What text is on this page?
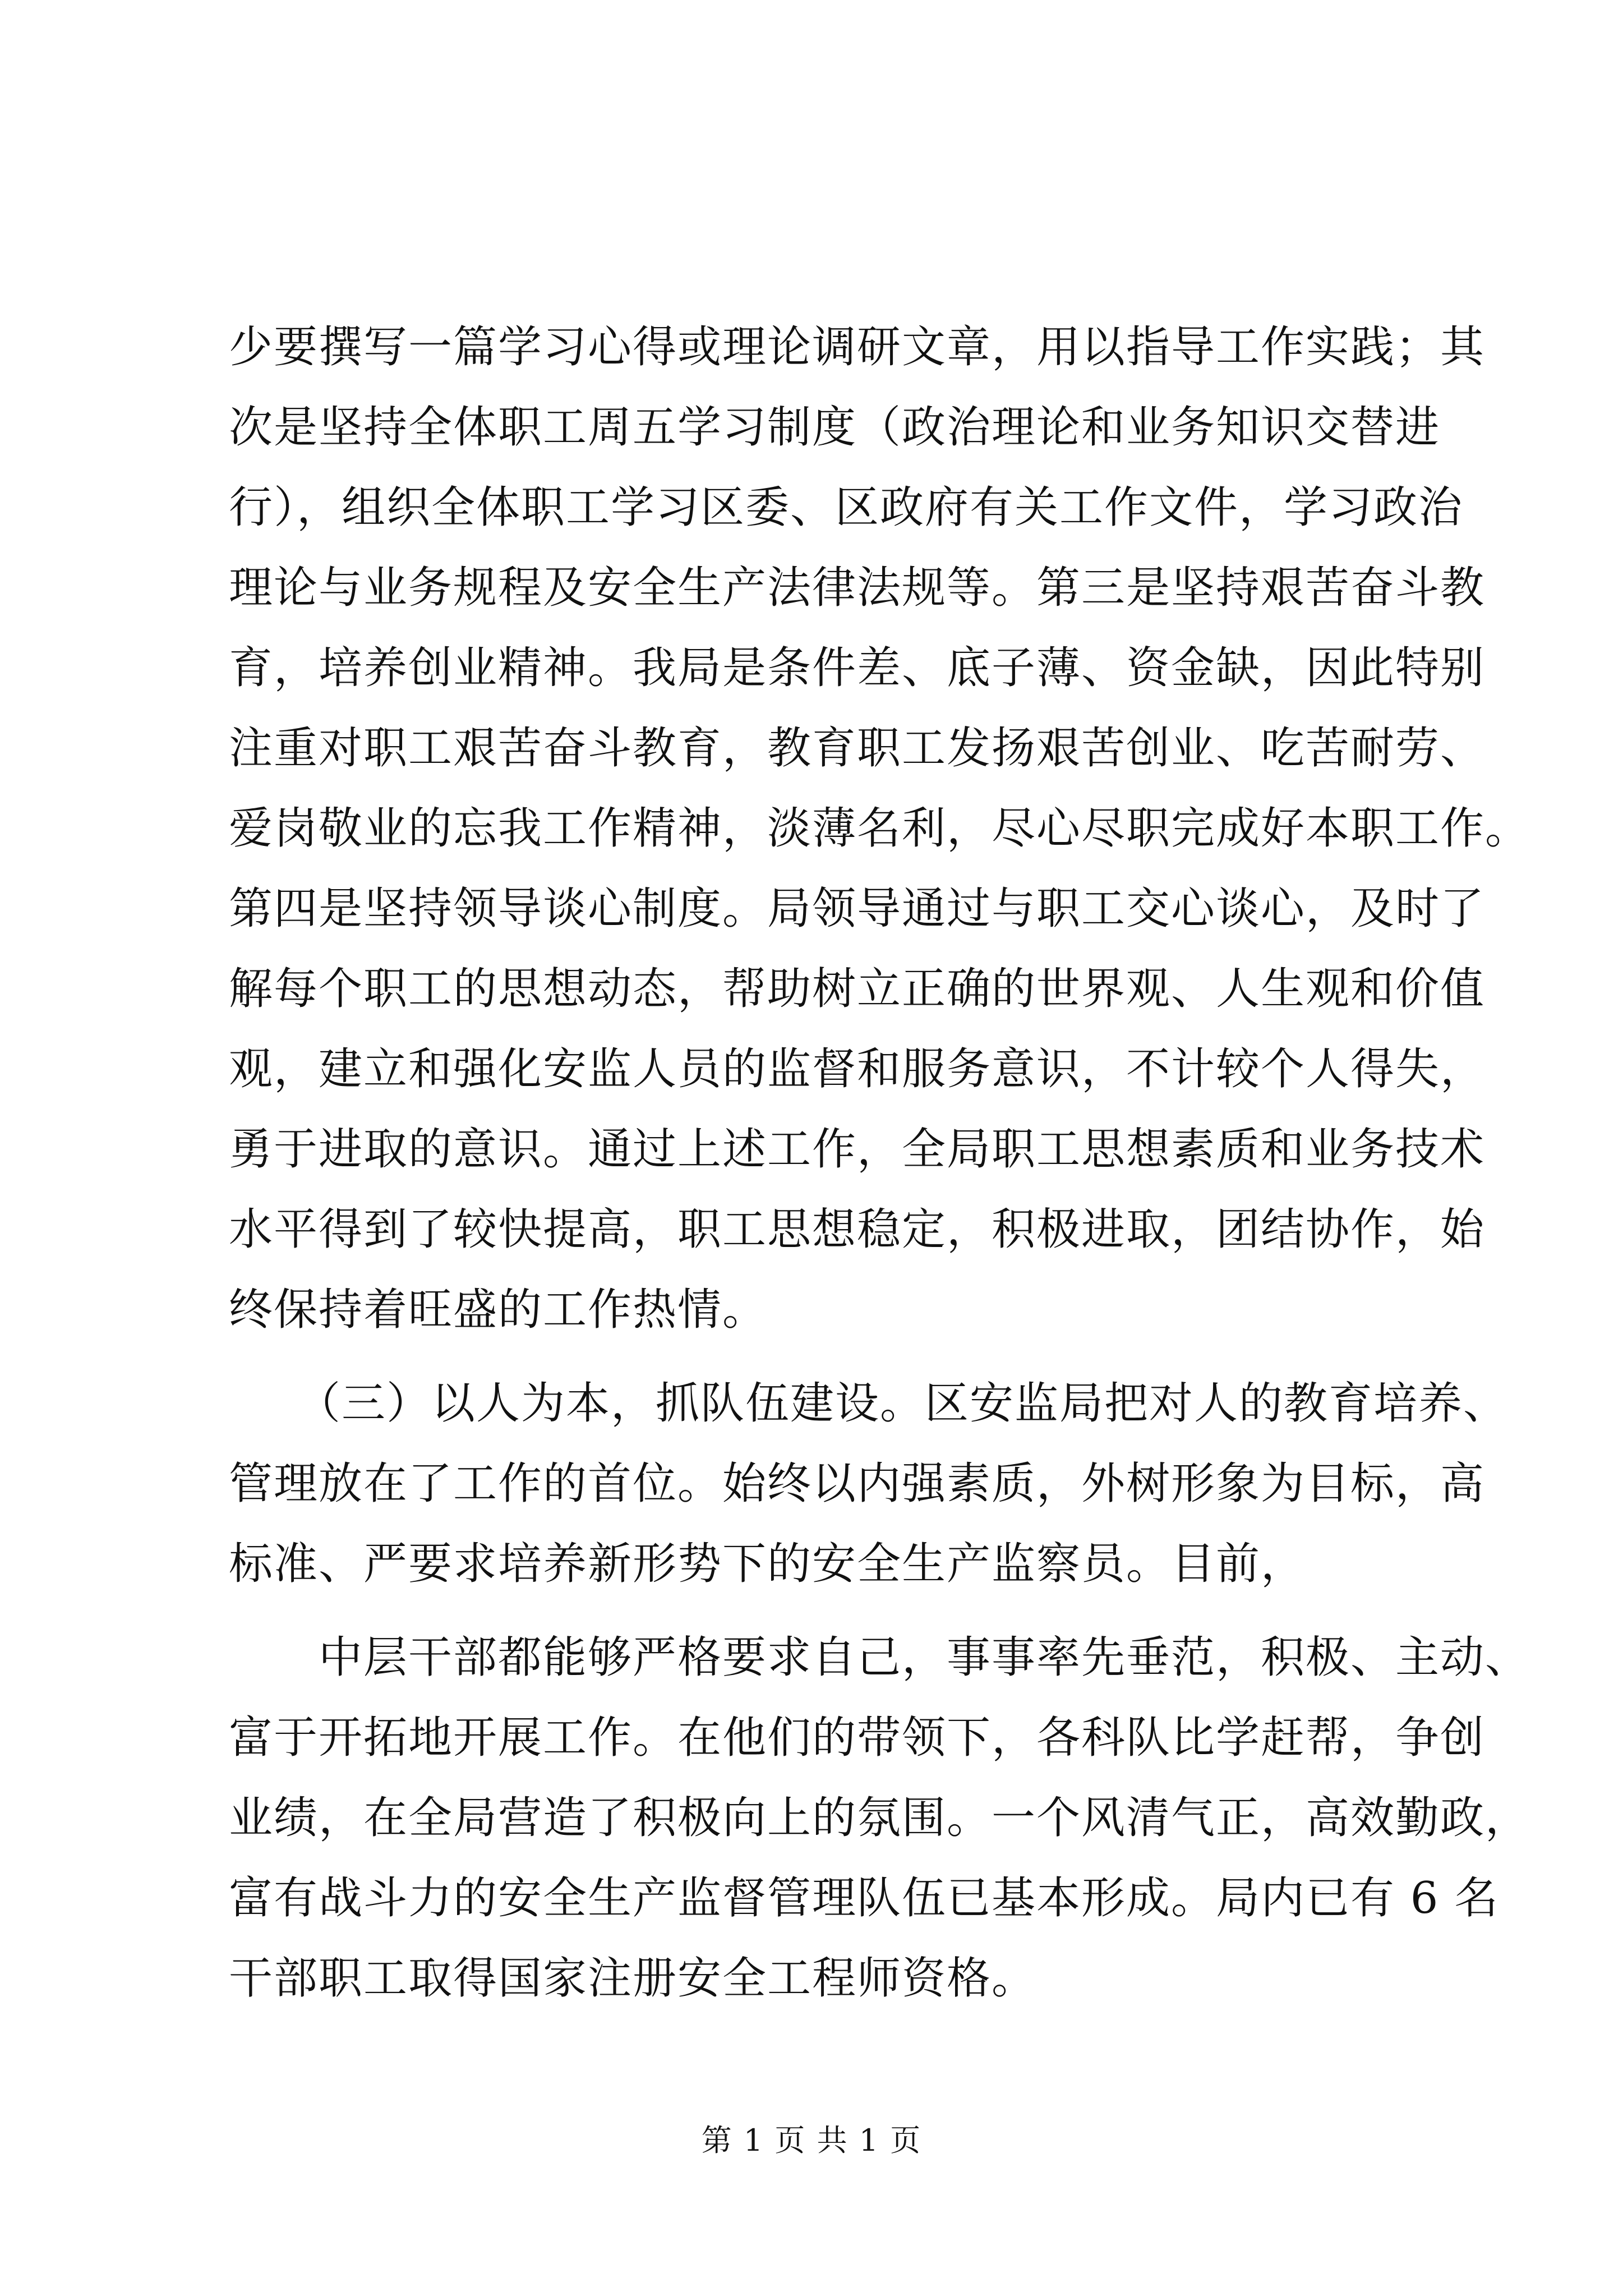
少要撰写一篇学习心得或理论调研文章，用以指导工作实践；其
次是坚持全体职工周五学习制度（政治理论和业务知识交替进
行），组织全体职工学习区委、区政府有关工作文件，学习政治
理论与业务规程及安全生产法律法规等。第三是坚持艰苦奋斗教
育，培养创业精神。我局是条件差、底子薄、资金缺，因此特别
注重对职工艰苦奋斗教育，教育职工发扬艰苦创业、吃苦耐劳、
爱岗敬业的忘我工作精神，淡薄名利，尽心尽职完成好本职工作。
第四是坚持领导谈心制度。局领导通过与职工交心谈心，及时了
解每个职工的思想动态，帮助树立正确的世界观、人生观和价值
观，建立和强化安监人员的监督和服务意识，不计较个人得失，
勇于进取的意识。通过上述工作，全局职工思想素质和业务技术
水平得到了较快提高，职工思想稳定，积极进取，团结协作，始
终保持着旺盛的工作热情。
　　（三）以人为本，抓队伍建设。区安监局把对人的教育培养、
管理放在了工作的首位。始终以内强素质，外树形象为目标，高
标准、严要求培养新形势下的安全生产监察员。目前，
　　中层干部都能够严格要求自己，事事率先垂范，积极、主动、
富于开拓地开展工作。在他们的带领下，各科队比学赶帮，争创
业绩，在全局营造了积极向上的氛围。一个风清气正，高效勤政，
富有战斗力的安全生产监督管理队伍已基本形成。局内已有 6 名
干部职工取得国家注册安全工程师资格。
第 1 页 共 1 页
